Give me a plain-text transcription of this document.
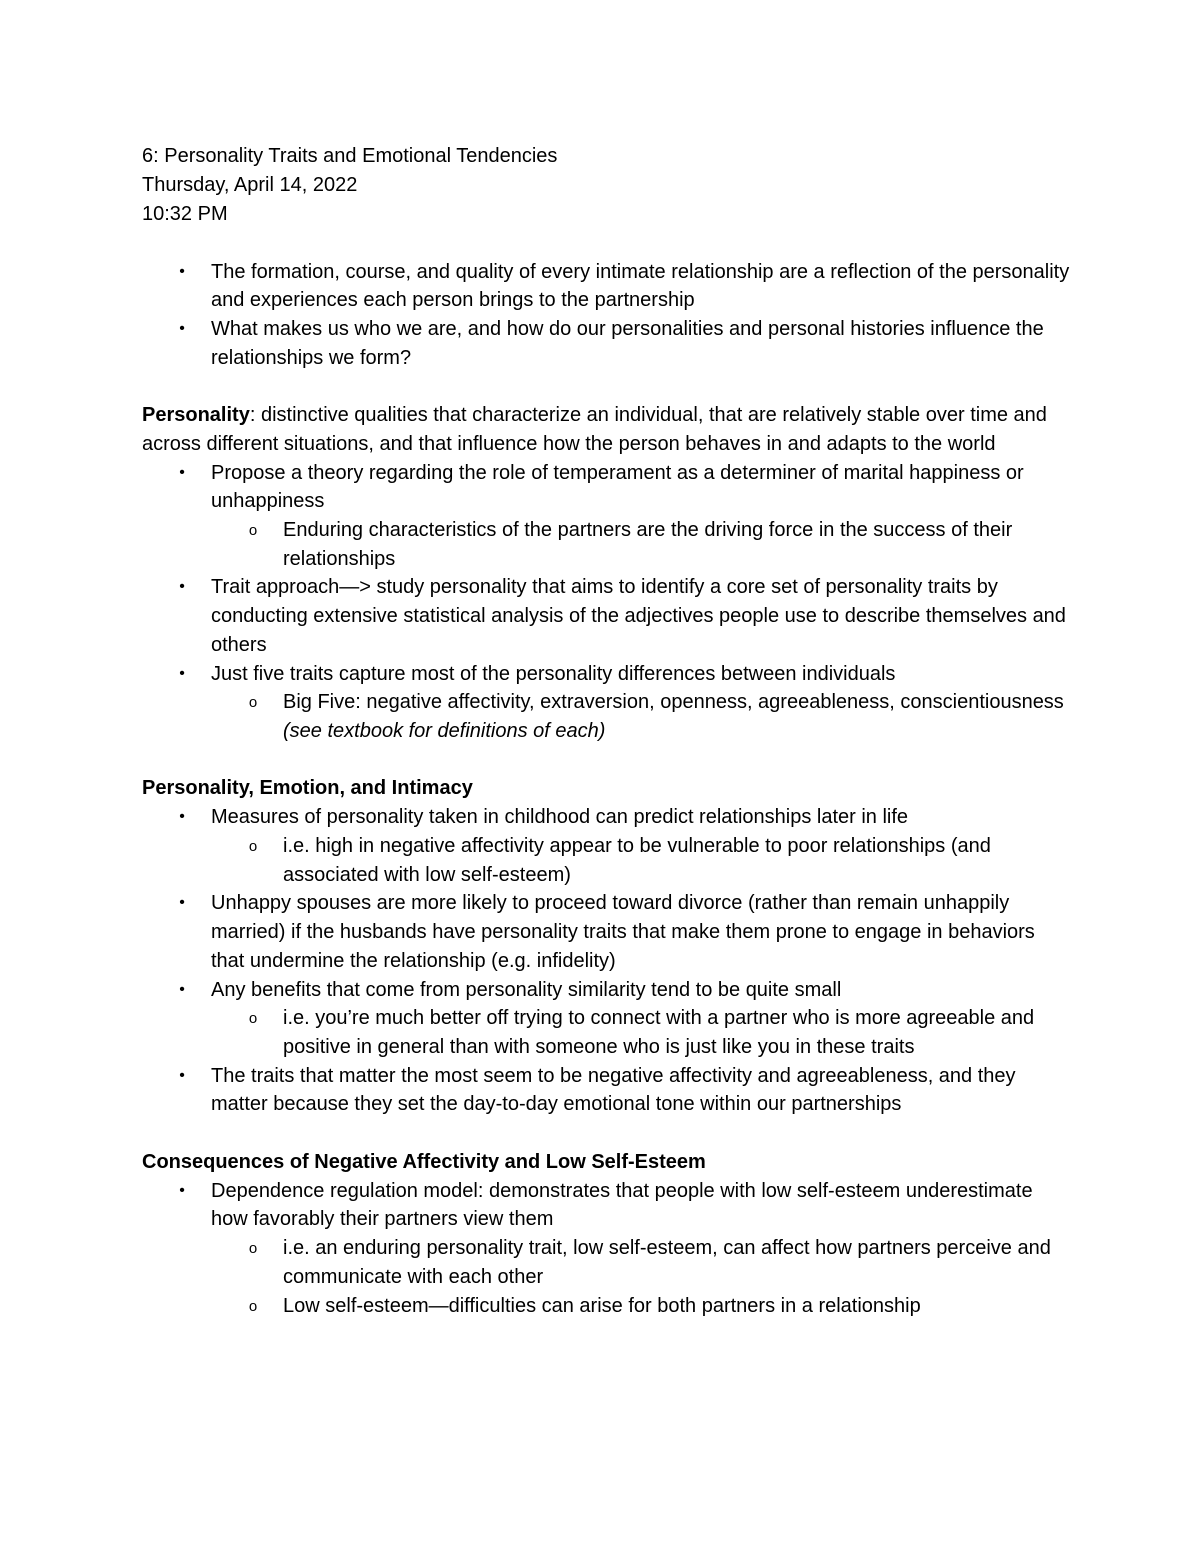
6: Personality Traits and Emotional Tendencies

Thursday, April 14, 2022

10:32 PM

• The formation, course, and quality of every intimate relationship are a reflection of the personality and experiences each person brings to the partnership
• What makes us who we are, and how do our personalities and personal histories influence the relationships we form?

Personality: distinctive qualities that characterize an individual, that are relatively stable over time and across different situations, and that influence how the person behaves in and adapts to the world

• Propose a theory regarding the role of temperament as a determiner of marital happiness or unhappiness
o Enduring characteristics of the partners are the driving force in the success of their relationships
• Trait approach—> study personality that aims to identify a core set of personality traits by conducting extensive statistical analysis of the adjectives people use to describe themselves and others
• Just five traits capture most of the personality differences between individuals
o Big Five: negative affectivity, extraversion, openness, agreeableness, conscientiousness (see textbook for definitions of each)

Personality, Emotion, and Intimacy

• Measures of personality taken in childhood can predict relationships later in life
o i.e. high in negative affectivity appear to be vulnerable to poor relationships (and associated with low self-esteem)
• Unhappy spouses are more likely to proceed toward divorce (rather than remain unhappily married) if the husbands have personality traits that make them prone to engage in behaviors that undermine the relationship (e.g. infidelity)
• Any benefits that come from personality similarity tend to be quite small
o i.e. you’re much better off trying to connect with a partner who is more agreeable and positive in general than with someone who is just like you in these traits
• The traits that matter the most seem to be negative affectivity and agreeableness, and they matter because they set the day-to-day emotional tone within our partnerships

Consequences of Negative Affectivity and Low Self-Esteem

• Dependence regulation model: demonstrates that people with low self-esteem underestimate how favorably their partners view them
o i.e. an enduring personality trait, low self-esteem, can affect how partners perceive and communicate with each other
o Low self-esteem—difficulties can arise for both partners in a relationship
